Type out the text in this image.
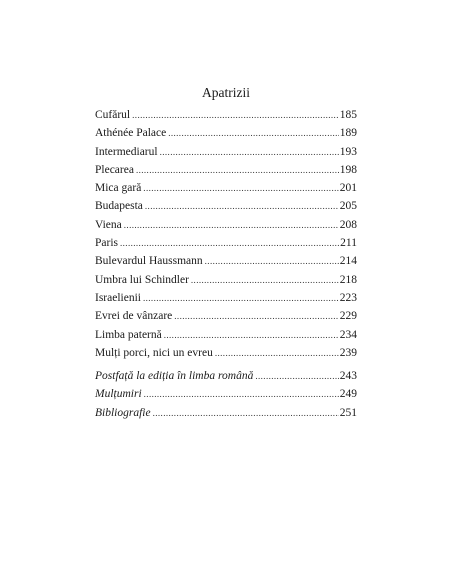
Apatrizii
Cufărul .....	185
Athénée Palace .....	189
Intermediarul .....	193
Plecarea .....	198
Mica gară .....	201
Budapesta .....	205
Viena .....	208
Paris .....	211
Bulevardul Haussmann .....	214
Umbra lui Schindler .....	218
Israelienii .....	223
Evrei de vânzare .....	229
Limba paternă .....	234
Mulți porci, nici un evreu .....	239
Postfață la ediția în limba română .....	243
Mulțumiri .....	249
Bibliografie .....	251
